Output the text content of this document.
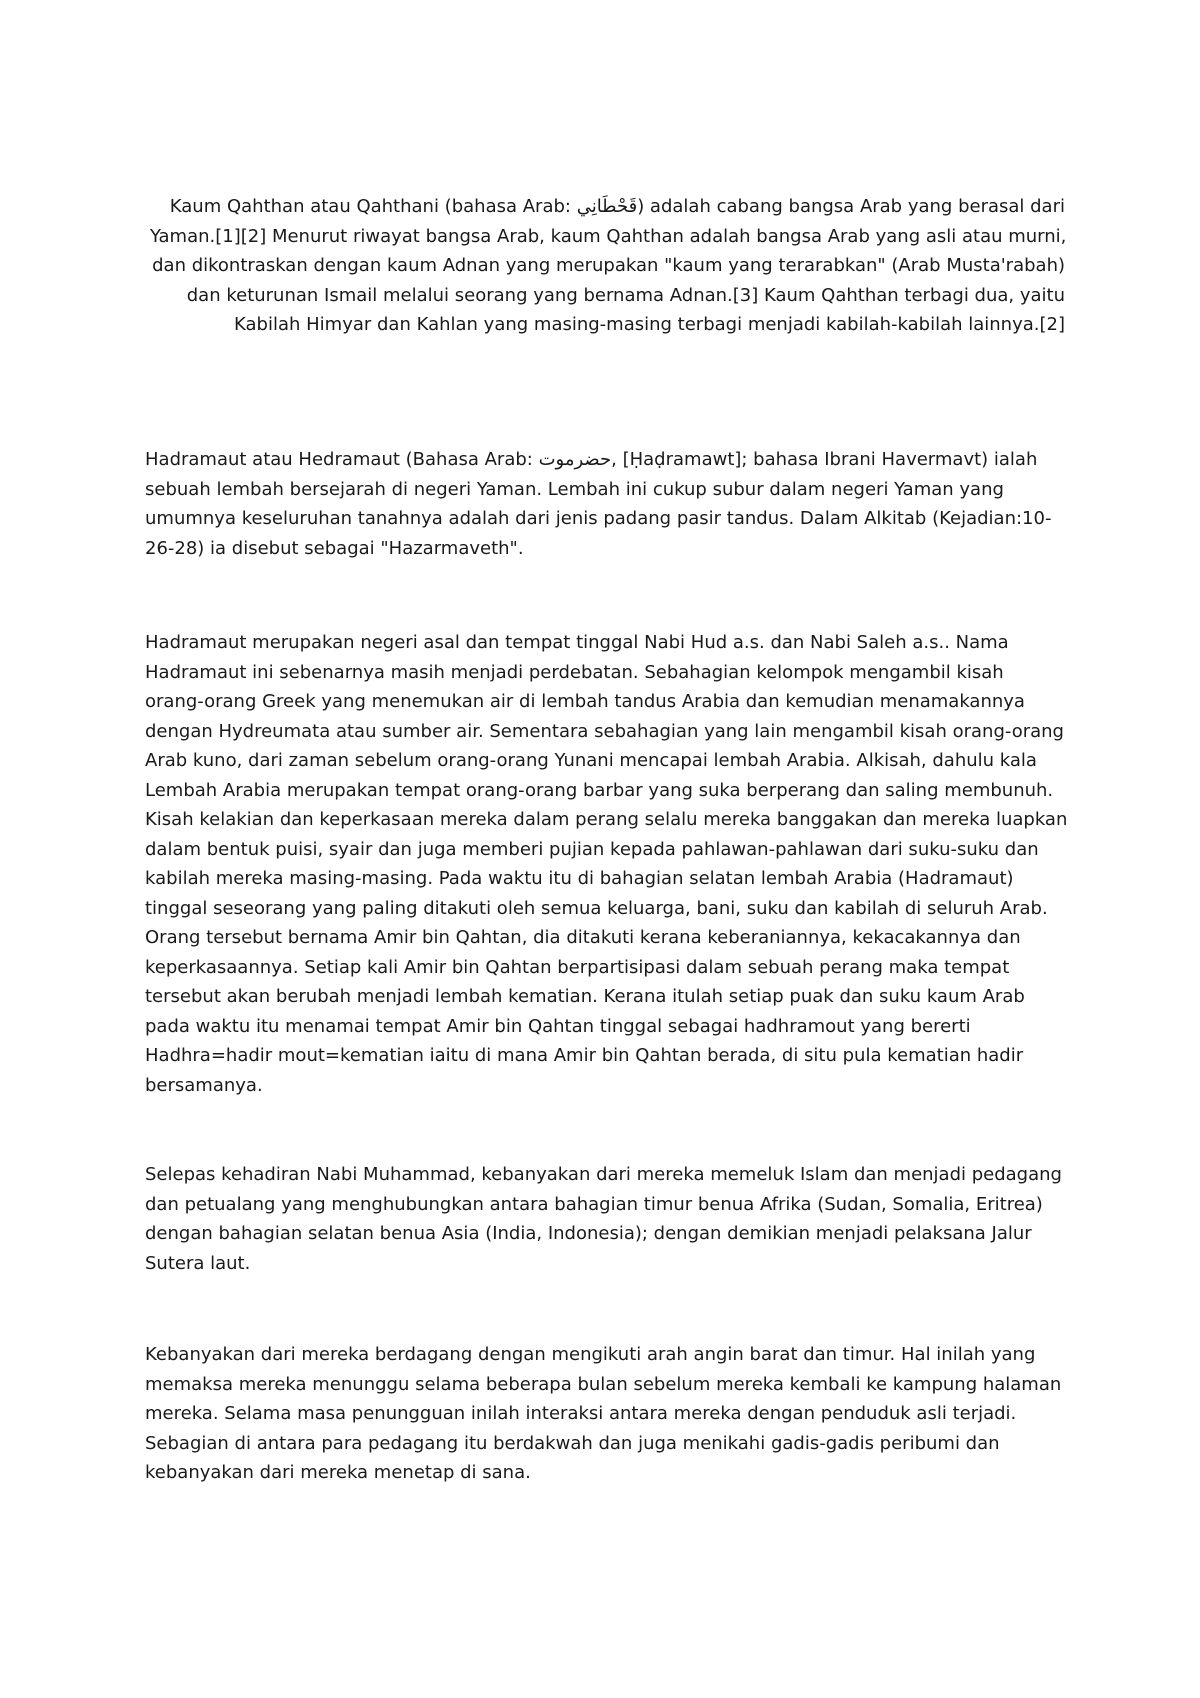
Kaum Qahthan atau Qahthani (bahasa Arab: قَحْطَانِي) adalah cabang bangsa Arab yang berasal dari
Yaman.[1][2] Menurut riwayat bangsa Arab, kaum Qahthan adalah bangsa Arab yang asli atau murni,
dan dikontraskan dengan kaum Adnan yang merupakan "kaum yang terarabkan" (Arab Musta'rabah)
dan keturunan Ismail melalui seorang yang bernama Adnan.[3] Kaum Qahthan terbagi dua, yaitu
Kabilah Himyar dan Kahlan yang masing-masing terbagi menjadi kabilah-kabilah lainnya.[2]

Hadramaut atau Hedramaut (Bahasa Arab: حضرموت, [Ḥaḍramawt]; bahasa Ibrani Havermavt) ialah
sebuah lembah bersejarah di negeri Yaman. Lembah ini cukup subur dalam negeri Yaman yang
umumnya keseluruhan tanahnya adalah dari jenis padang pasir tandus. Dalam Alkitab (Kejadian:10-
26-28) ia disebut sebagai "Hazarmaveth".

Hadramaut merupakan negeri asal dan tempat tinggal Nabi Hud a.s. dan Nabi Saleh a.s.. Nama
Hadramaut ini sebenarnya masih menjadi perdebatan. Sebahagian kelompok mengambil kisah
orang-orang Greek yang menemukan air di lembah tandus Arabia dan kemudian menamakannya
dengan Hydreumata atau sumber air. Sementara sebahagian yang lain mengambil kisah orang-orang
Arab kuno, dari zaman sebelum orang-orang Yunani mencapai lembah Arabia. Alkisah, dahulu kala
Lembah Arabia merupakan tempat orang-orang barbar yang suka berperang dan saling membunuh.
Kisah kelakian dan keperkasaan mereka dalam perang selalu mereka banggakan dan mereka luapkan
dalam bentuk puisi, syair dan juga memberi pujian kepada pahlawan-pahlawan dari suku-suku dan
kabilah mereka masing-masing. Pada waktu itu di bahagian selatan lembah Arabia (Hadramaut)
tinggal seseorang yang paling ditakuti oleh semua keluarga, bani, suku dan kabilah di seluruh Arab.
Orang tersebut bernama Amir bin Qahtan, dia ditakuti kerana keberaniannya, kekacakannya dan
keperkasaannya. Setiap kali Amir bin Qahtan berpartisipasi dalam sebuah perang maka tempat
tersebut akan berubah menjadi lembah kematian. Kerana itulah setiap puak dan suku kaum Arab
pada waktu itu menamai tempat Amir bin Qahtan tinggal sebagai hadhramout yang bererti
Hadhra=hadir mout=kematian iaitu di mana Amir bin Qahtan berada, di situ pula kematian hadir
bersamanya.

Selepas kehadiran Nabi Muhammad, kebanyakan dari mereka memeluk Islam dan menjadi pedagang
dan petualang yang menghubungkan antara bahagian timur benua Afrika (Sudan, Somalia, Eritrea)
dengan bahagian selatan benua Asia (India, Indonesia); dengan demikian menjadi pelaksana Jalur
Sutera laut.

Kebanyakan dari mereka berdagang dengan mengikuti arah angin barat dan timur. Hal inilah yang
memaksa mereka menunggu selama beberapa bulan sebelum mereka kembali ke kampung halaman
mereka. Selama masa penungguan inilah interaksi antara mereka dengan penduduk asli terjadi.
Sebagian di antara para pedagang itu berdakwah dan juga menikahi gadis-gadis peribumi dan
kebanyakan dari mereka menetap di sana.
